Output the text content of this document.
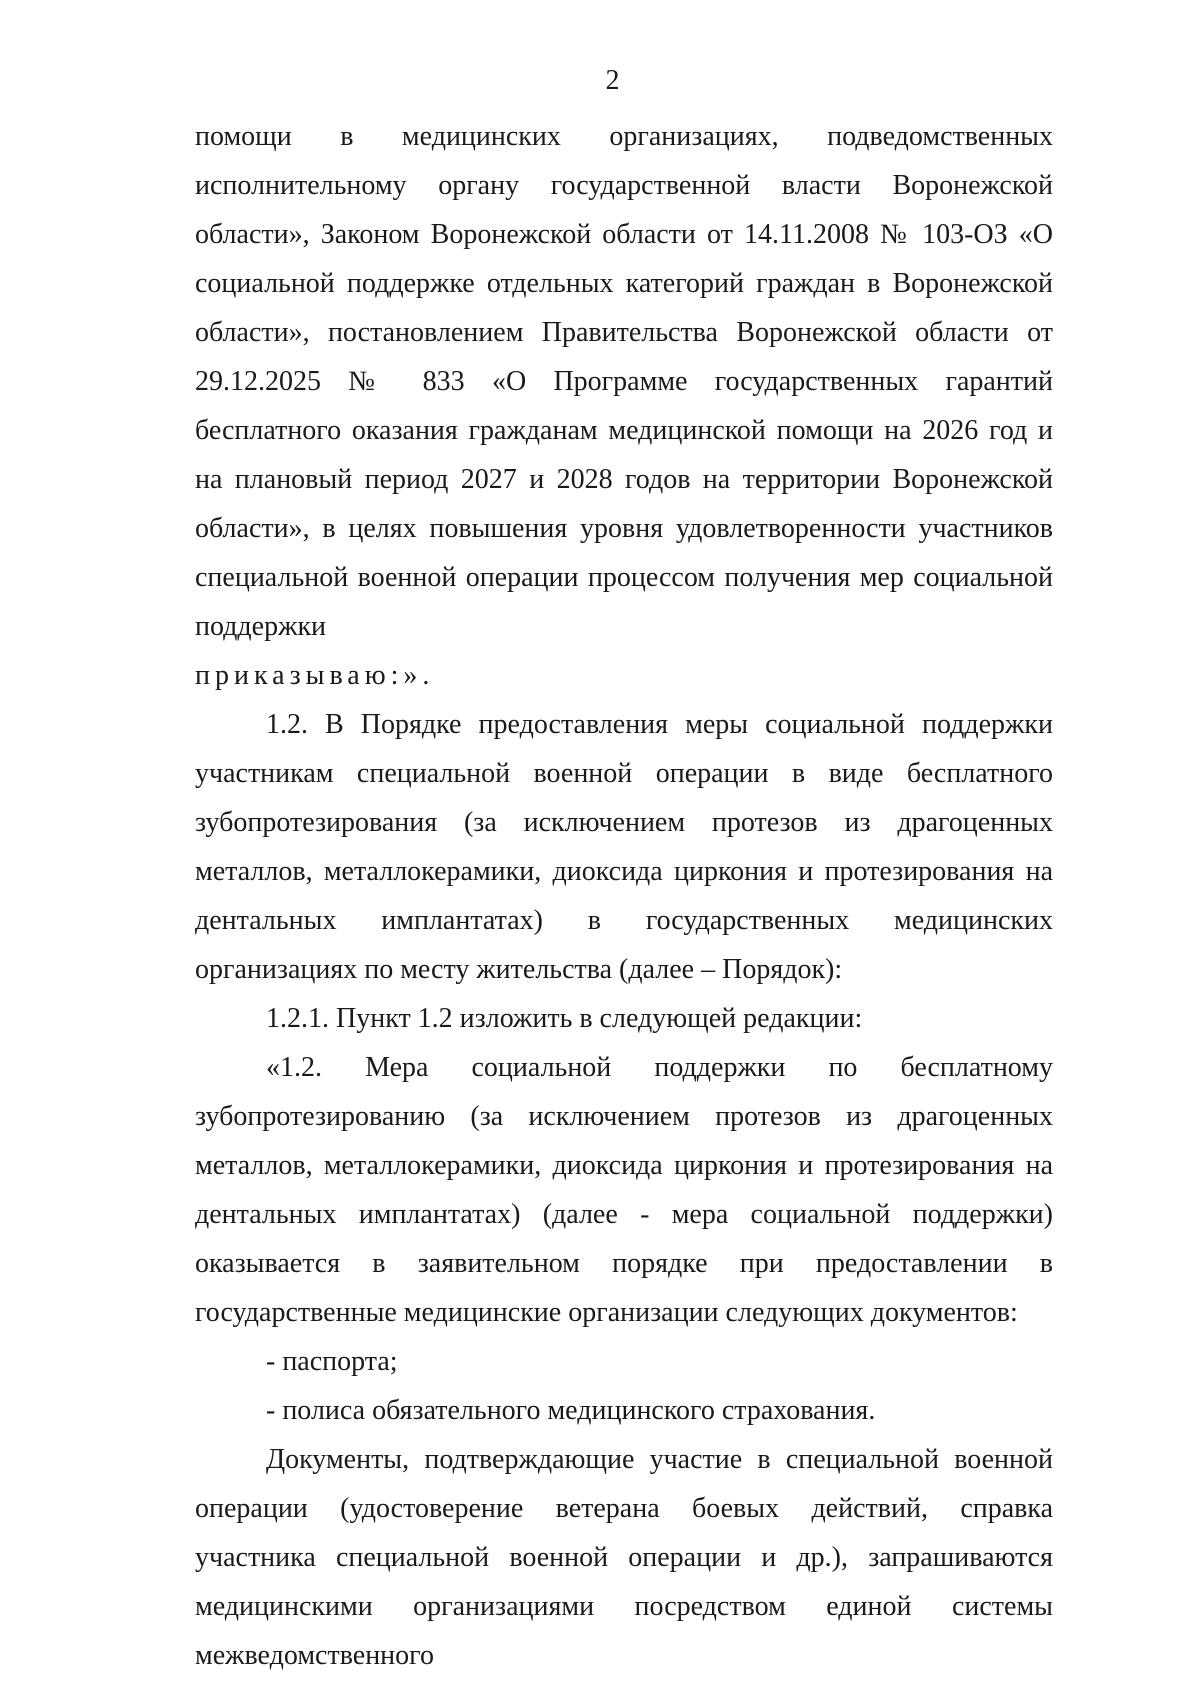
2

помощи в медицинских организациях, подведомственных исполнительному органу государственной власти Воронежской области», Законом Воронежской области от 14.11.2008 № 103-ОЗ «О социальной поддержке отдельных категорий граждан в Воронежской области», постановлением Правительства Воронежской области от 29.12.2025 № 833 «О Программе государственных гарантий бесплатного оказания гражданам медицинской помощи на 2026 год и на плановый период 2027 и 2028 годов на территории Воронежской области», в целях повышения уровня удовлетворенности участников специальной военной операции процессом получения мер социальной поддержки

приказываю:».

1.2. В Порядке предоставления меры социальной поддержки участникам специальной военной операции в виде бесплатного зубопротезирования (за исключением протезов из драгоценных металлов, металлокерамики, диоксида циркония и протезирования на дентальных имплантатах) в государственных медицинских организациях по месту жительства (далее – Порядок):

1.2.1. Пункт 1.2 изложить в следующей редакции:

«1.2. Мера социальной поддержки по бесплатному зубопротезированию (за исключением протезов из драгоценных металлов, металлокерамики, диоксида циркония и протезирования на дентальных имплантатах) (далее - мера социальной поддержки) оказывается в заявительном порядке при предоставлении в государственные медицинские организации следующих документов:

- паспорта;

- полиса обязательного медицинского страхования.

Документы, подтверждающие участие в специальной военной операции (удостоверение ветерана боевых действий, справка участника специальной военной операции и др.), запрашиваются медицинскими организациями посредством единой системы межведомственного
